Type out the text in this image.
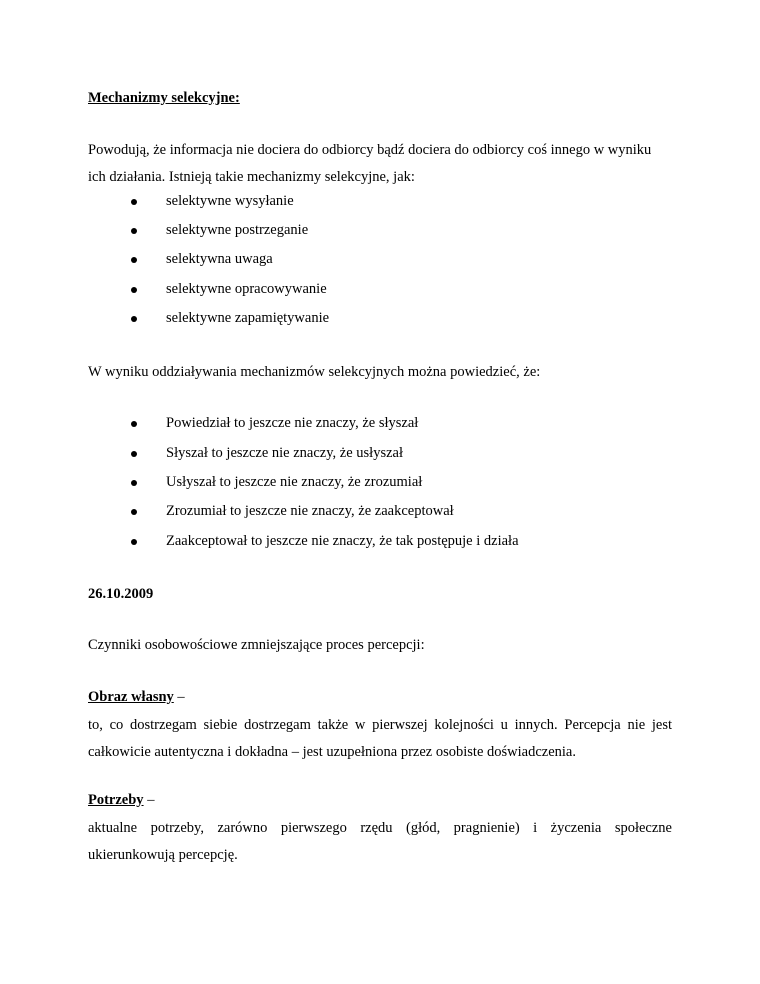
Mechanizmy selekcyjne:
Powodują, że informacja nie dociera do odbiorcy bądź dociera do odbiorcy coś innego w wyniku ich działania. Istnieją takie mechanizmy selekcyjne, jak:
selektywne wysyłanie
selektywne postrzeganie
selektywna uwaga
selektywne opracowywanie
selektywne zapamiętywanie
W wyniku oddziaływania mechanizmów selekcyjnych można powiedzieć, że:
Powiedział to jeszcze nie znaczy, że słyszał
Słyszał to jeszcze nie znaczy, że usłyszał
Usłyszał to jeszcze nie znaczy, że zrozumiał
Zrozumiał to jeszcze nie znaczy, że zaakceptował
Zaakceptował to jeszcze nie znaczy, że tak postępuje i działa
26.10.2009
Czynniki osobowościowe zmniejszające proces percepcji:
Obraz własny –
to, co dostrzegam siebie dostrzegam także w pierwszej kolejności u innych. Percepcja nie jest całkowicie autentyczna i dokładna – jest uzupełniona przez osobiste doświadczenia.
Potrzeby –
aktualne potrzeby, zarówno pierwszego rzędu (głód, pragnienie) i życzenia społeczne ukierunkowują percepcję.
